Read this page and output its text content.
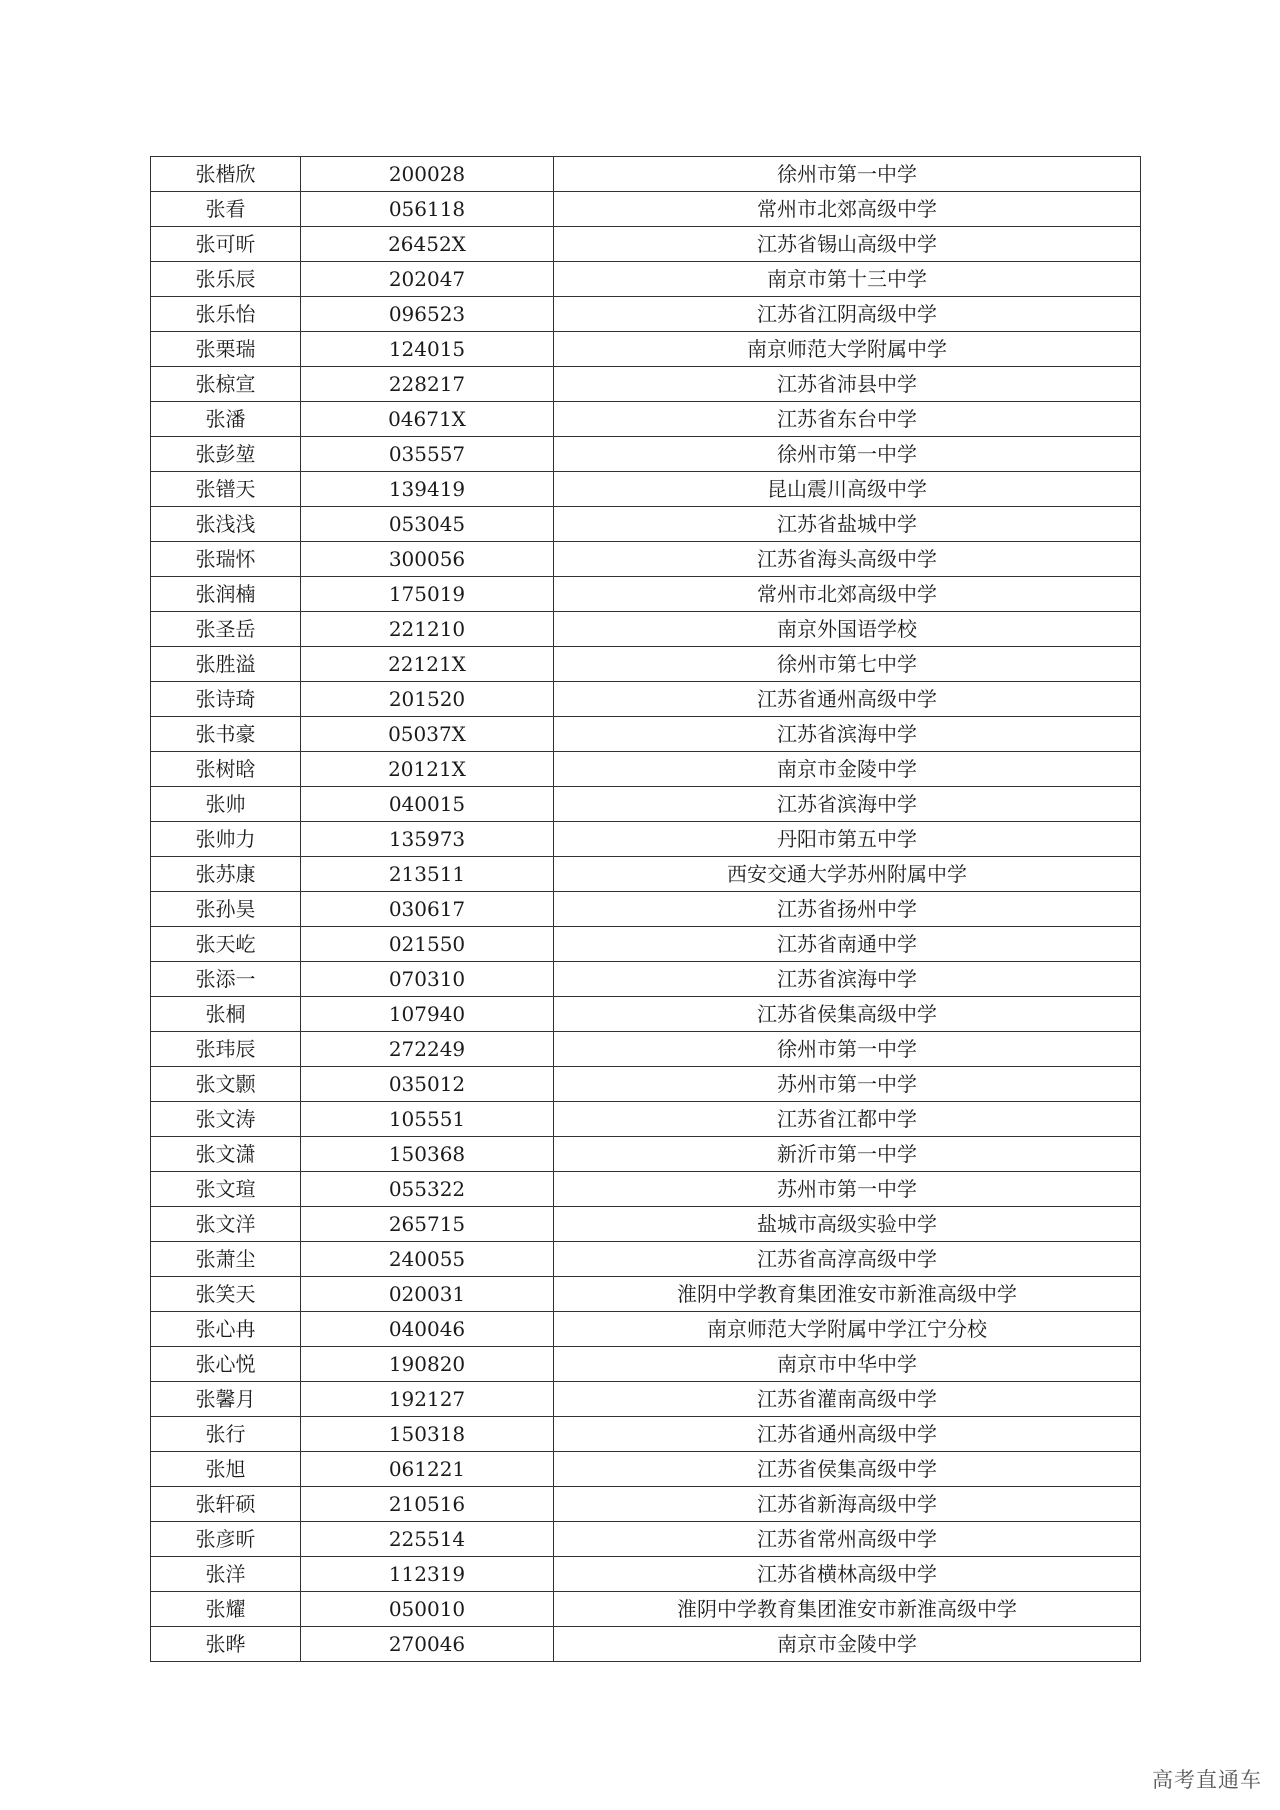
张楷欣	200028	徐州市第一中学
张看	056118	常州市北郊高级中学
张可昕	26452X	江苏省锡山高级中学
张乐辰	202047	南京市第十三中学
张乐怡	096523	江苏省江阴高级中学
张栗瑞	124015	南京师范大学附属中学
张椋宣	228217	江苏省沛县中学
张潘	04671X	江苏省东台中学
张彭堃	035557	徐州市第一中学
张镨天	139419	昆山震川高级中学
张浅浅	053045	江苏省盐城中学
张瑞怀	300056	江苏省海头高级中学
张润楠	175019	常州市北郊高级中学
张圣岳	221210	南京外国语学校
张胜溢	22121X	徐州市第七中学
张诗琦	201520	江苏省通州高级中学
张书豪	05037X	江苏省滨海中学
张树晗	20121X	南京市金陵中学
张帅	040015	江苏省滨海中学
张帅力	135973	丹阳市第五中学
张苏康	213511	西安交通大学苏州附属中学
张孙昊	030617	江苏省扬州中学
张天屹	021550	江苏省南通中学
张添一	070310	江苏省滨海中学
张桐	107940	江苏省侯集高级中学
张玮辰	272249	徐州市第一中学
张文颢	035012	苏州市第一中学
张文涛	105551	江苏省江都中学
张文潇	150368	新沂市第一中学
张文瑄	055322	苏州市第一中学
张文洋	265715	盐城市高级实验中学
张萧尘	240055	江苏省高淳高级中学
张笑天	020031	淮阴中学教育集团淮安市新淮高级中学
张心冉	040046	南京师范大学附属中学江宁分校
张心悦	190820	南京市中华中学
张馨月	192127	江苏省灌南高级中学
张行	150318	江苏省通州高级中学
张旭	061221	江苏省侯集高级中学
张轩硕	210516	江苏省新海高级中学
张彦昕	225514	江苏省常州高级中学
张洋	112319	江苏省横林高级中学
张耀	050010	淮阴中学教育集团淮安市新淮高级中学
张晔	270046	南京市金陵中学
高考直通车
